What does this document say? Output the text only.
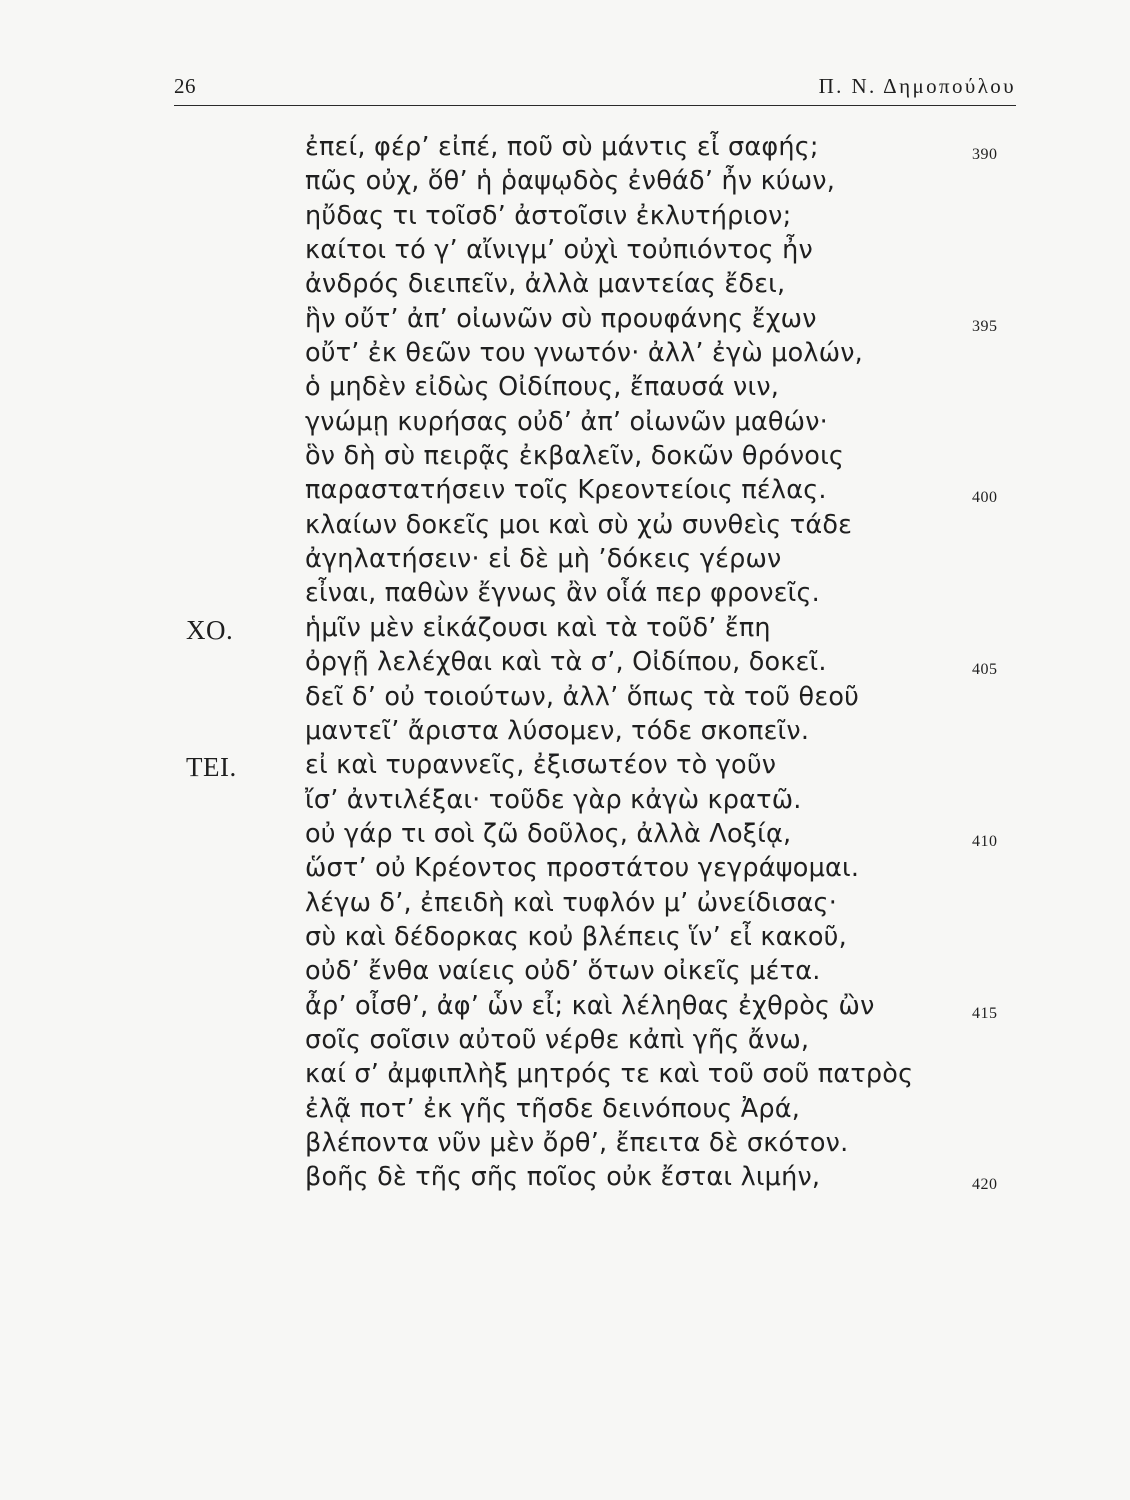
26	Π. Ν. Δημοπούλου
ἐπεί, φέρ’ εἰπέ, ποῦ σὺ μάντις εἶ σαφής;	390
πῶς οὐχ, ὅθ’ ἡ ῥαψῳδὸς ἐνθάδ’ ἦν κύων,
ηὔδας τι τοῖσδ’ ἀστοῖσιν ἐκλυτήριον;
καίτοι τό γ’ αἴνιγμ’ οὐχὶ τοὐπιόντος ἦν
ἀνδρός διειπεῖν, ἀλλὰ μαντείας ἔδει,
ἣν οὔτ’ ἀπ’ οἰωνῶν σὺ προυφάνης ἔχων	395
οὔτ’ ἐκ θεῶν του γνωτόν· ἀλλ’ ἐγὼ μολών,
ὁ μηδὲν εἰδὼς Οἰδίπους, ἔπαυσά νιν,
γνώμῃ κυρήσας οὐδ’ ἀπ’ οἰωνῶν μαθών·
ὃν δὴ σὺ πειρᾷς ἐκβαλεῖν, δοκῶν θρόνοις
παραστατήσειν τοῖς Κρεοντείοις πέλας.	400
κλαίων δοκεῖς μοι καὶ σὺ χὠ συνθεὶς τάδε
ἀγηλατήσειν· εἰ δὲ μὴ ’δόκεις γέρων
εἶναι, παθὼν ἔγνως ἂν οἷά περ φρονεῖς.
ΧΟ.	ἡμῖν μὲν εἰκάζουσι καὶ τὰ τοῦδ’ ἔπη
ὀργῇ λελέχθαι καὶ τὰ σ’, Οἰδίπου, δοκεῖ.	405
δεῖ δ’ οὐ τοιούτων, ἀλλ’ ὅπως τὰ τοῦ θεοῦ
μαντεῖ’ ἄριστα λύσομεν, τόδε σκοπεῖν.
ΤΕΙ.	εἰ καὶ τυραννεῖς, ἐξισωτέον τὸ γοῦν
ἴσ’ ἀντιλέξαι· τοῦδε γὰρ κἀγὼ κρατῶ.
οὐ γάρ τι σοὶ ζῶ δοῦλος, ἀλλὰ Λοξίᾳ,	410
ὥστ’ οὐ Κρέοντος προστάτου γεγράψομαι.
λέγω δ’, ἐπειδὴ καὶ τυφλόν μ’ ὠνείδισας·
σὺ καὶ δέδορκας κοὐ βλέπεις ἵν’ εἶ κακοῦ,
οὐδ’ ἔνθα ναίεις οὐδ’ ὅτων οἰκεῖς μέτα.
ἆρ’ οἶσθ’, ἀφ’ ὧν εἶ; καὶ λέληθας ἐχθρὸς ὢν	415
σοῖς σοῖσιν αὐτοῦ νέρθε κἀπὶ γῆς ἄνω,
καί σ’ ἀμφιπλὴξ μητρός τε καὶ τοῦ σοῦ πατρὸς
ἐλᾷ ποτ’ ἐκ γῆς τῆσδε δεινόπους Ἀρά,
βλέποντα νῦν μὲν ὄρθ’, ἔπειτα δὲ σκότον.
βοῆς δὲ τῆς σῆς ποῖος οὐκ ἔσται λιμήν,	420
